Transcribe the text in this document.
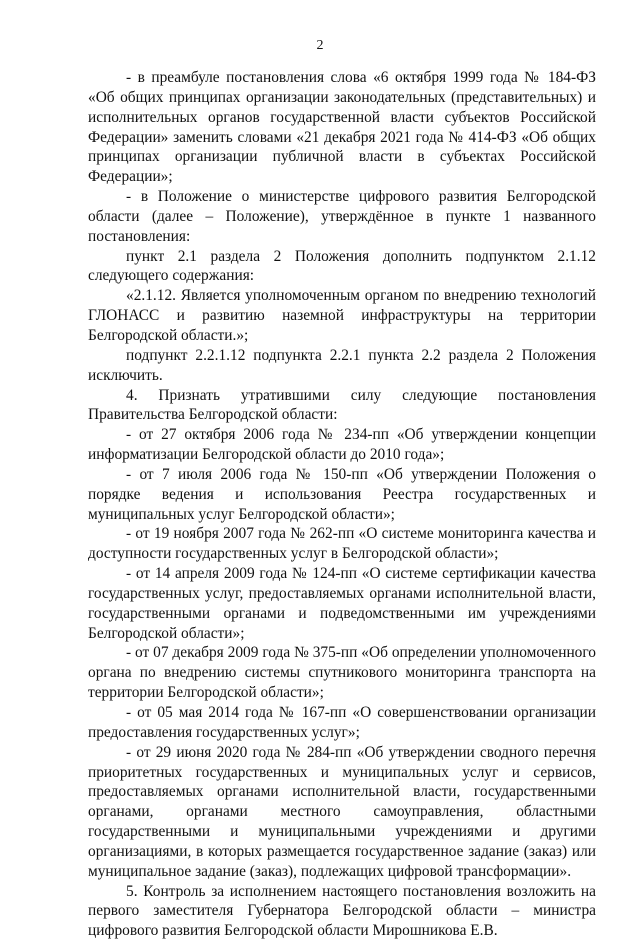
2

- в преамбуле постановления слова «6 октября 1999 года № 184-ФЗ «Об общих принципах организации законодательных (представительных) и исполнительных органов государственной власти субъектов Российской Федерации» заменить словами «21 декабря 2021 года № 414-ФЗ «Об общих принципах организации публичной власти в субъектах Российской Федерации»;

- в Положение о министерстве цифрового развития Белгородской области (далее – Положение), утверждённое в пункте 1 названного постановления:

пункт 2.1 раздела 2 Положения дополнить подпунктом 2.1.12 следующего содержания:

«2.1.12. Является уполномоченным органом по внедрению технологий ГЛОНАСС и развитию наземной инфраструктуры на территории Белгородской области.»;

подпункт 2.2.1.12 подпункта 2.2.1 пункта 2.2 раздела 2 Положения исключить.

4. Признать утратившими силу следующие постановления Правительства Белгородской области:

- от 27 октября 2006 года № 234-пп «Об утверждении концепции информатизации Белгородской области до 2010 года»;

- от 7 июля 2006 года № 150-пп «Об утверждении Положения о порядке ведения и использования Реестра государственных и муниципальных услуг Белгородской области»;

- от 19 ноября 2007 года № 262-пп «О системе мониторинга качества и доступности государственных услуг в Белгородской области»;

- от 14 апреля 2009 года № 124-пп «О системе сертификации качества государственных услуг, предоставляемых органами исполнительной власти, государственными органами и подведомственными им учреждениями Белгородской области»;

- от 07 декабря 2009 года № 375-пп «Об определении уполномоченного органа по внедрению системы спутникового мониторинга транспорта на территории Белгородской области»;

- от 05 мая 2014 года № 167-пп «О совершенствовании организации предоставления государственных услуг»;

- от 29 июня 2020 года № 284-пп «Об утверждении сводного перечня приоритетных государственных и муниципальных услуг и сервисов, предоставляемых органами исполнительной власти, государственными органами, органами местного самоуправления, областными государственными и муниципальными учреждениями и другими организациями, в которых размещается государственное задание (заказ) или муниципальное задание (заказ), подлежащих цифровой трансформации».

5. Контроль за исполнением настоящего постановления возложить на первого заместителя Губернатора Белгородской области – министра цифрового развития Белгородской области Мирошникова Е.В.
